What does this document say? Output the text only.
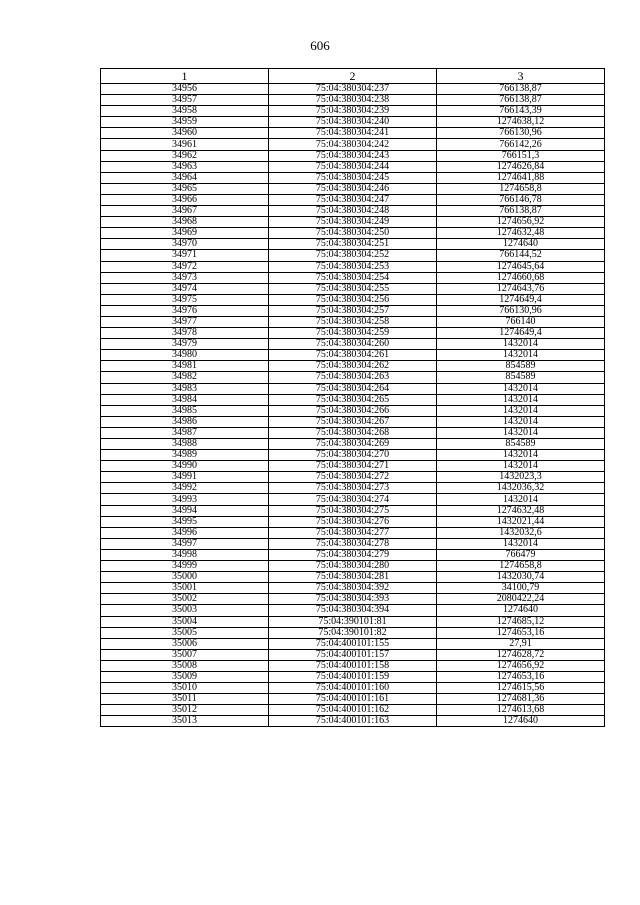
606
1	2	3
34956	75:04:380304:237	766138,87
34957	75:04:380304:238	766138,87
34958	75:04:380304:239	766143,39
34959	75:04:380304:240	1274638,12
34960	75:04:380304:241	766130,96
34961	75:04:380304:242	766142,26
34962	75:04:380304:243	766151,3
34963	75:04:380304:244	1274626,84
34964	75:04:380304:245	1274641,88
34965	75:04:380304:246	1274658,8
34966	75:04:380304:247	766146,78
34967	75:04:380304:248	766138,87
34968	75:04:380304:249	1274656,92
34969	75:04:380304:250	1274632,48
34970	75:04:380304:251	1274640
34971	75:04:380304:252	766144,52
34972	75:04:380304:253	1274645,64
34973	75:04:380304:254	1274660,68
34974	75:04:380304:255	1274643,76
34975	75:04:380304:256	1274649,4
34976	75:04:380304:257	766130,96
34977	75:04:380304:258	766140
34978	75:04:380304:259	1274649,4
34979	75:04:380304:260	1432014
34980	75:04:380304:261	1432014
34981	75:04:380304:262	854589
34982	75:04:380304:263	854589
34983	75:04:380304:264	1432014
34984	75:04:380304:265	1432014
34985	75:04:380304:266	1432014
34986	75:04:380304:267	1432014
34987	75:04:380304:268	1432014
34988	75:04:380304:269	854589
34989	75:04:380304:270	1432014
34990	75:04:380304:271	1432014
34991	75:04:380304:272	1432023,3
34992	75:04:380304:273	1432036,32
34993	75:04:380304:274	1432014
34994	75:04:380304:275	1274632,48
34995	75:04:380304:276	1432021,44
34996	75:04:380304:277	1432032,6
34997	75:04:380304:278	1432014
34998	75:04:380304:279	766479
34999	75:04:380304:280	1274658,8
35000	75:04:380304:281	1432030,74
35001	75:04:380304:392	34100,79
35002	75:04:380304:393	2080422,24
35003	75:04:380304:394	1274640
35004	75:04:390101:81	1274685,12
35005	75:04:390101:82	1274653,16
35006	75:04:400101:155	27,91
35007	75:04:400101:157	1274628,72
35008	75:04:400101:158	1274656,92
35009	75:04:400101:159	1274653,16
35010	75:04:400101:160	1274615,56
35011	75:04:400101:161	1274681,36
35012	75:04:400101:162	1274613,68
35013	75:04:400101:163	1274640
